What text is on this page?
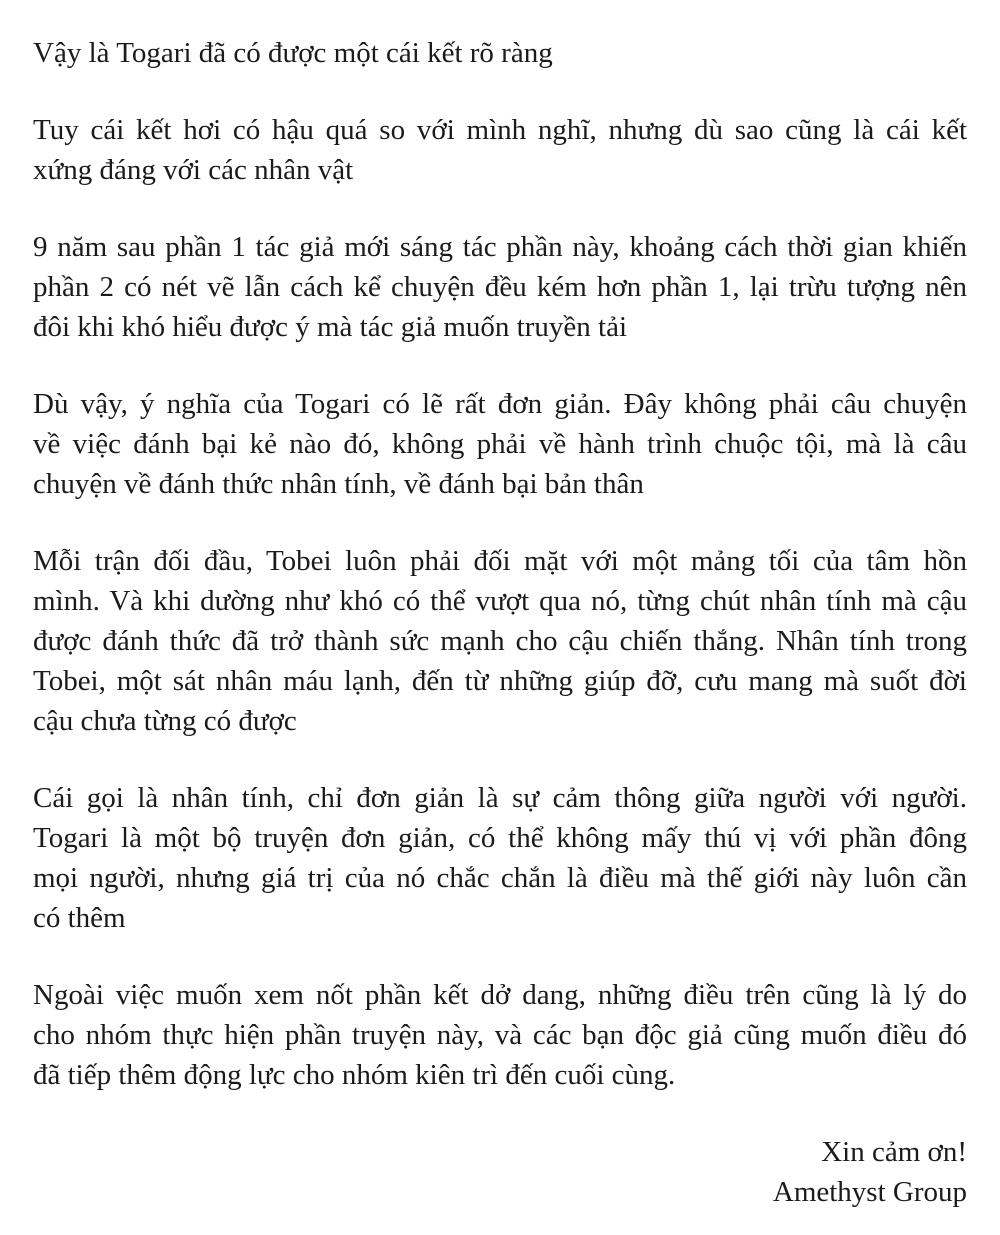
Vậy là Togari đã có được một cái kết rõ ràng
Tuy cái kết hơi có hậu quá so với mình nghĩ, nhưng dù sao cũng là cái kết
xứng đáng với các nhân vật
9 năm sau phần 1 tác giả mới sáng tác phần này, khoảng cách thời gian khiến
phần 2 có nét vẽ lẫn cách kể chuyện đều kém hơn phần 1, lại trừu tượng nên
đôi khi khó hiểu được ý mà tác giả muốn truyền tải
Dù vậy, ý nghĩa của Togari có lẽ rất đơn giản. Đây không phải câu chuyện
về việc đánh bại kẻ nào đó, không phải về hành trình chuộc tội, mà là câu
chuyện về đánh thức nhân tính, về đánh bại bản thân
Mỗi trận đối đầu, Tobei luôn phải đối mặt với một mảng tối của tâm hồn
mình. Và khi dường như khó có thể vượt qua nó, từng chút nhân tính mà cậu
được đánh thức đã trở thành sức mạnh cho cậu chiến thắng. Nhân tính trong
Tobei, một sát nhân máu lạnh, đến từ những giúp đỡ, cưu mang mà suốt đời
cậu chưa từng có được
Cái gọi là nhân tính, chỉ đơn giản là sự cảm thông giữa người với người.
Togari là một bộ truyện đơn giản, có thể không mấy thú vị với phần đông
mọi người, nhưng giá trị của nó chắc chắn là điều mà thế giới này luôn cần
có thêm
Ngoài việc muốn xem nốt phần kết dở dang, những điều trên cũng là lý do
cho nhóm thực hiện phần truyện này, và các bạn độc giả cũng muốn điều đó
đã tiếp thêm động lực cho nhóm kiên trì đến cuối cùng.
Xin cảm ơn!
Amethyst Group
